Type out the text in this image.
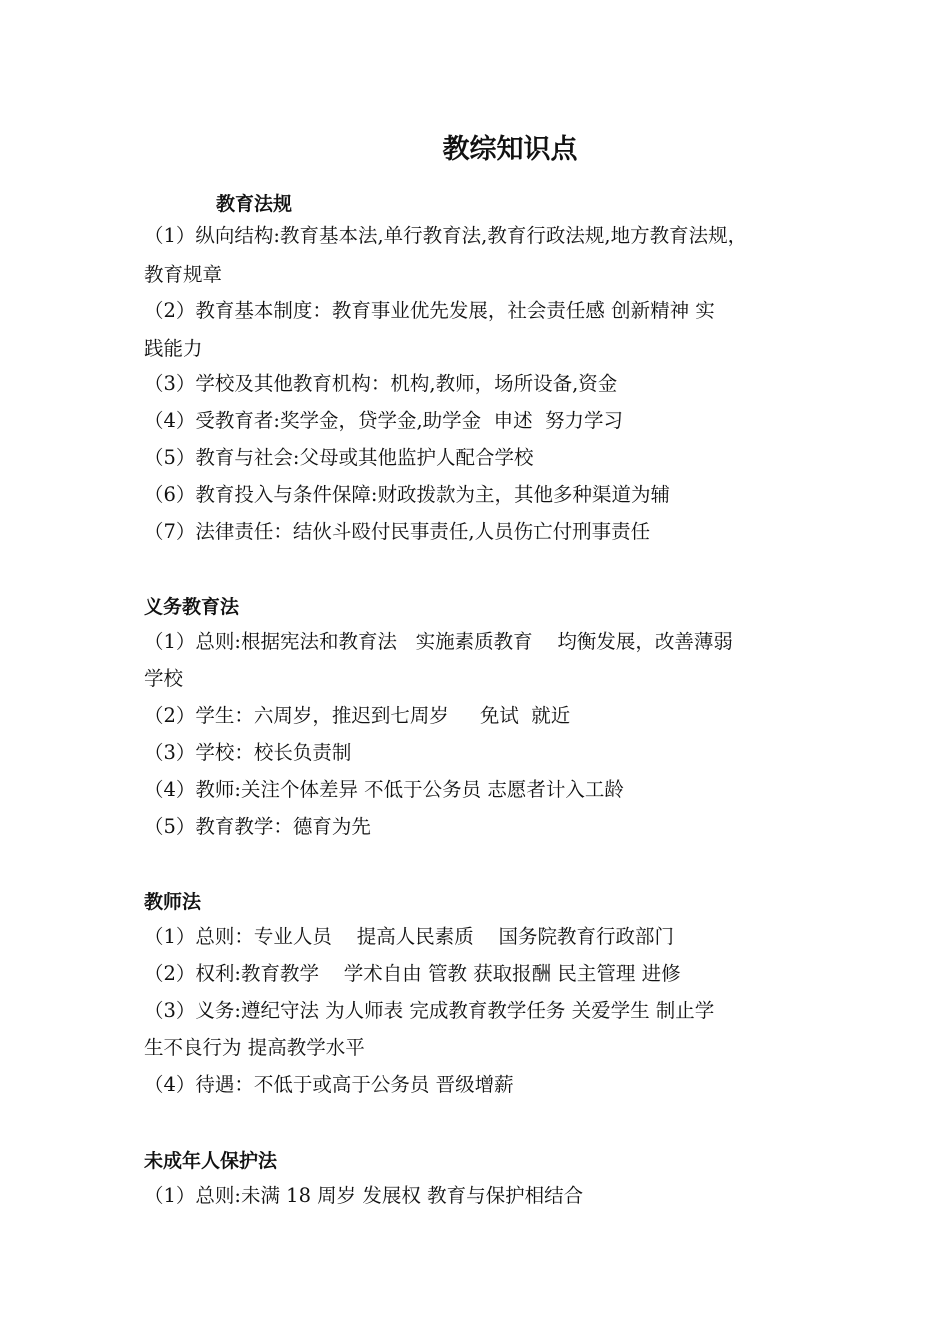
教综知识点
教育法规

（1）纵向结构:教育基本法,单行教育法,教育行政法规,地方教育法规，

教育规章

（2）教育基本制度：教育事业优先发展，社会责任感 创新精神 实

践能力

（3）学校及其他教育机构：机构,教师，场所设备,资金

（4）受教育者:奖学金，贷学金,助学金  申述  努力学习

（5）教育与社会:父母或其他监护人配合学校

（6）教育投入与条件保障:财政拨款为主，其他多种渠道为辅

（7）法律责任：结伙斗殴付民事责任,人员伤亡付刑事责任

义务教育法

（1）总则:根据宪法和教育法   实施素质教育    均衡发展，改善薄弱

学校

（2）学生：六周岁，推迟到七周岁     免试  就近

（3）学校：校长负责制

（4）教师:关注个体差异 不低于公务员 志愿者计入工龄

（5）教育教学：德育为先

教师法

（1）总则：专业人员    提高人民素质    国务院教育行政部门

（2）权利:教育教学    学术自由 管教 获取报酬 民主管理 进修

（3）义务:遵纪守法 为人师表 完成教育教学任务 关爱学生 制止学

生不良行为 提高教学水平

（4）待遇：不低于或高于公务员 晋级增薪

未成年人保护法

（1）总则:未满 18 周岁 发展权 教育与保护相结合
